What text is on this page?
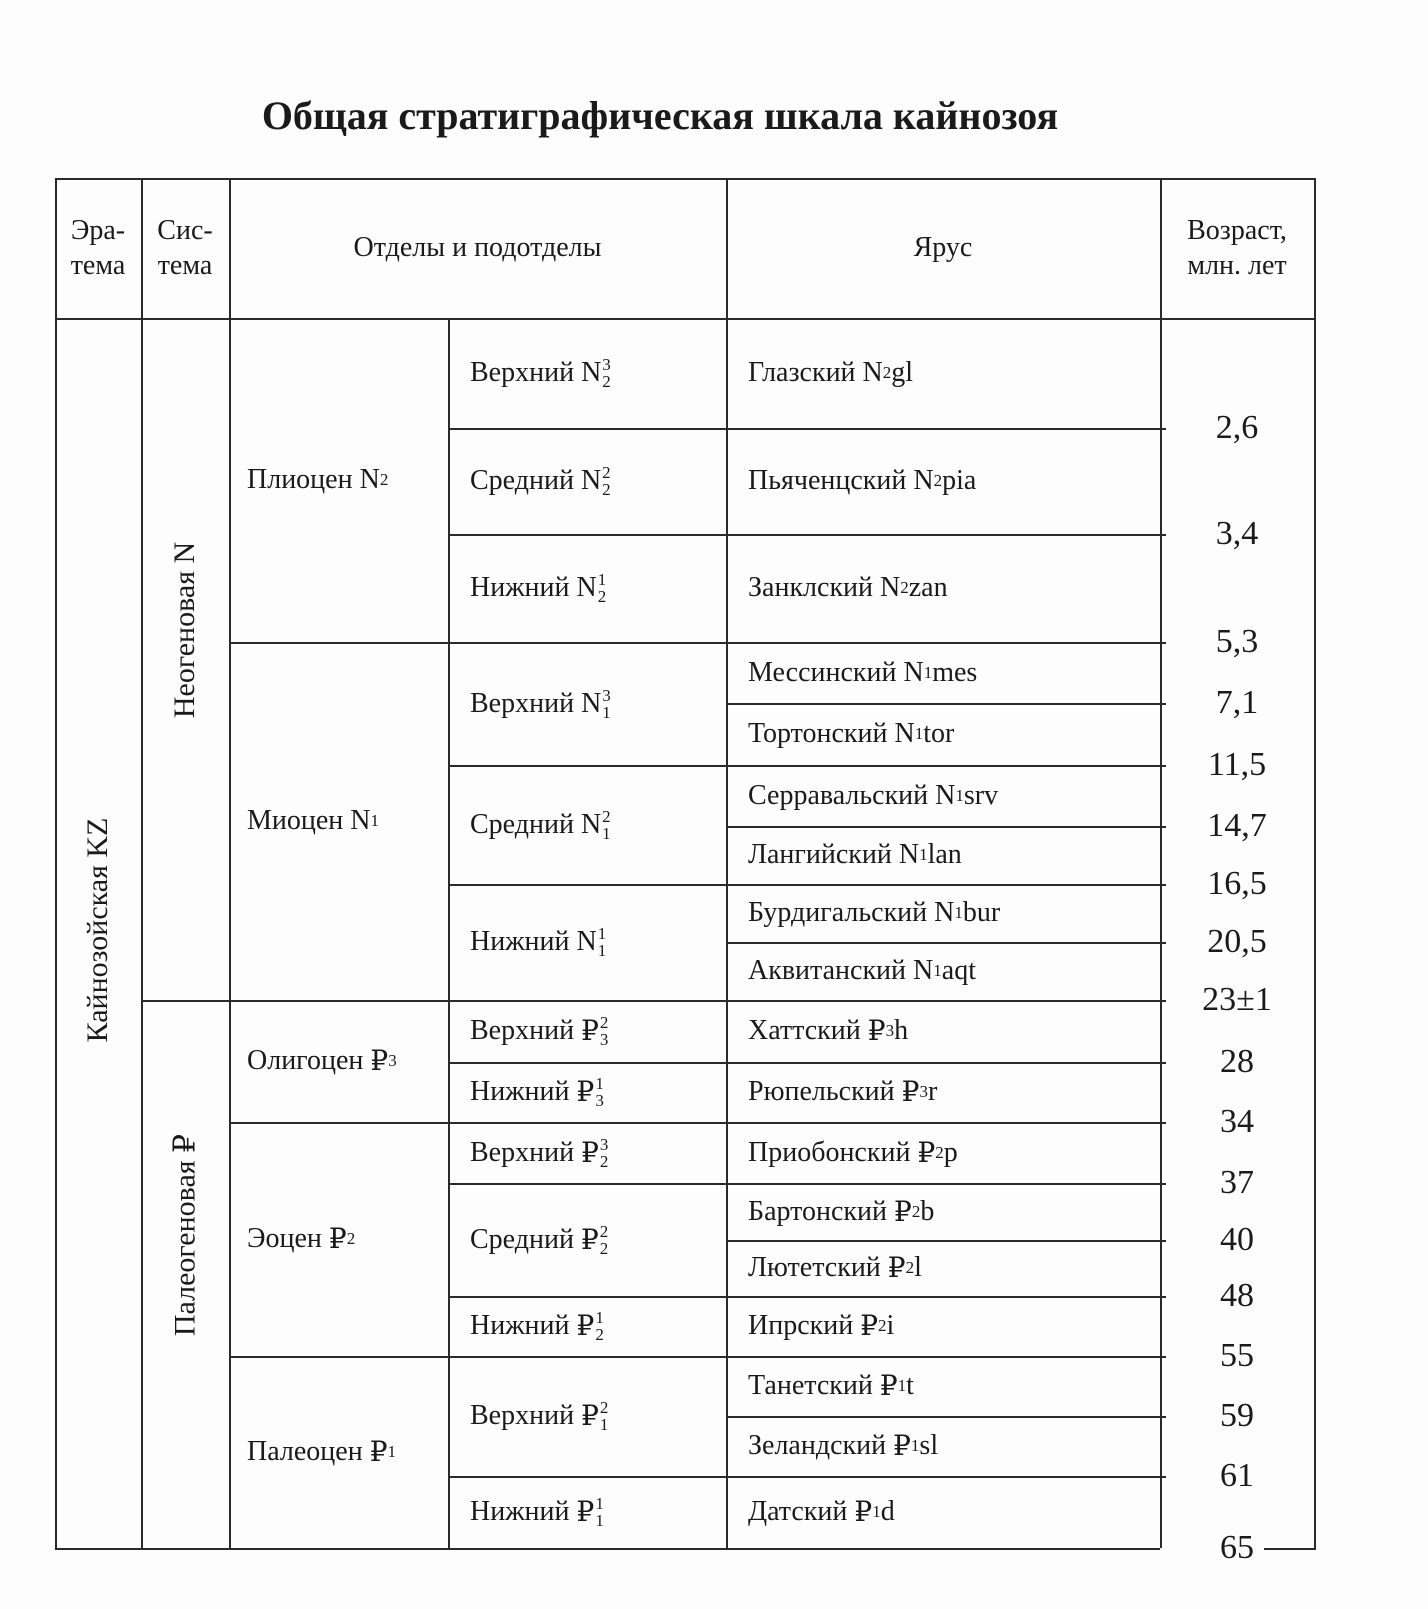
Общая стратиграфическая шкала кайнозоя
Эра-
тема
Сис-
тема
Отделы и подотделы	Ярус
Возраст,
млн. лет
Кайнозойская KZ
Неогеновая N
Палеогеновая ₽
Плиоцен N 2
Миоцен N 1
Олигоцен ₽ 3
Эоцен ₽ 2
Палеоцен ₽ 1
Верхний N 3
2
Средний N 2
2
Нижний N 1
2
Верхний N 3
1
Средний N 2
1
Нижний N 1
1
Верхний ₽ 2
3
Нижний ₽ 1
3
Верхний ₽ 3
2
Средний ₽ 2
2
Нижний ₽ 1
2
Верхний ₽ 2
1
Нижний ₽ 1
1
Глазский N 2 gl
Пьяченцский N 2 pia
Занклский N 2 zan
Мессинский N 1 mes
Тортонский N 1 tor
Серравальский N 1 srv
Лангийский N 1 lan
Бурдигальский N 1 bur
Аквитанский N 1 aqt
Хаттский ₽ 3 h
Рюпельский ₽ 3 r
Приобонский ₽ 2 p
Бартонский ₽ 2 b
Лютетский ₽ 2 l
Ипрский ₽ 2 i
Танетский ₽ 1 t
Зеландский ₽ 1 sl
Датский ₽ 1 d
2,6
3,4
5,3
7,1
11,5
14,7
16,5
20,5
23±1
28
34
37
40
48
55
59
61
65
